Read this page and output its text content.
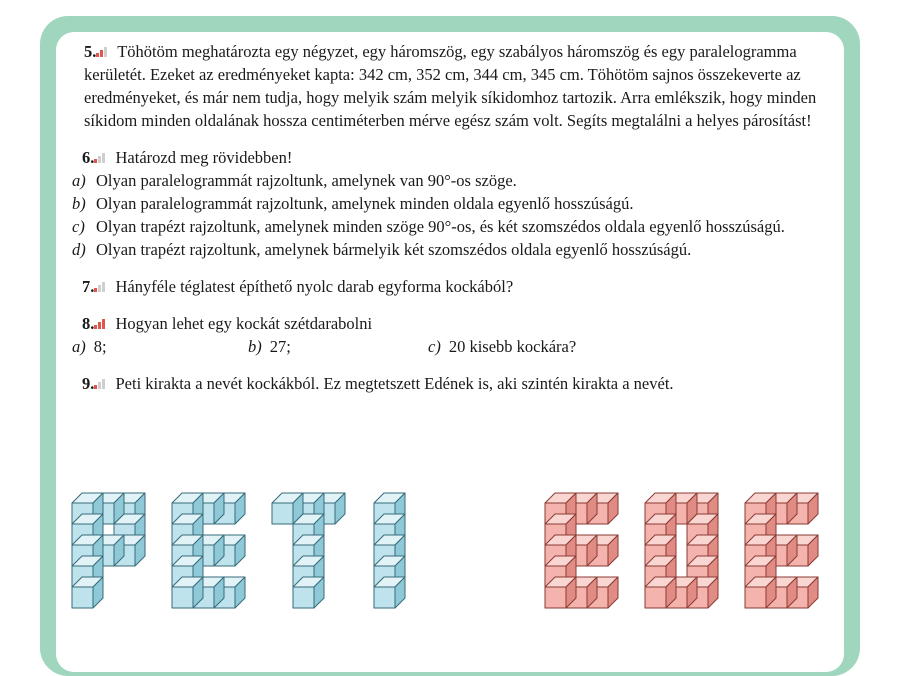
5. Töhötöm meghatározta egy négyzet, egy háromszög, egy szabályos háromszög és egy paralelogramma kerületét. Ezeket az eredményeket kapta: 342 cm, 352 cm, 344 cm, 345 cm. Töhötöm sajnos összekeverte az eredményeket, és már nem tudja, hogy melyik szám melyik síkidomhoz tartozik. Arra emlékszik, hogy minden síkidom minden oldalának hossza centiméterben mérve egész szám volt. Segíts megtalálni a helyes párosítást!
6. Határozd meg rövidebben!
a) Olyan paralelogrammát rajzoltunk, amelynek van 90°-os szöge.
b) Olyan paralelogrammát rajzoltunk, amelynek minden oldala egyenlő hosszúságú.
c) Olyan trapézt rajzoltunk, amelynek minden szöge 90°-os, és két szomszédos oldala egyenlő hosszúságú.
d) Olyan trapézt rajzoltunk, amelynek bármelyik két szomszédos oldala egyenlő hosszúságú.
7. Hányféle téglatest építhető nyolc darab egyforma kockából?
8. Hogyan lehet egy kockát szétdarabolni
a) 8;	b) 27;	c) 20 kisebb kockára?
9. Peti kirakta a nevét kockákból. Ez megtetszett Edének is, aki szintén kirakta a nevét.
